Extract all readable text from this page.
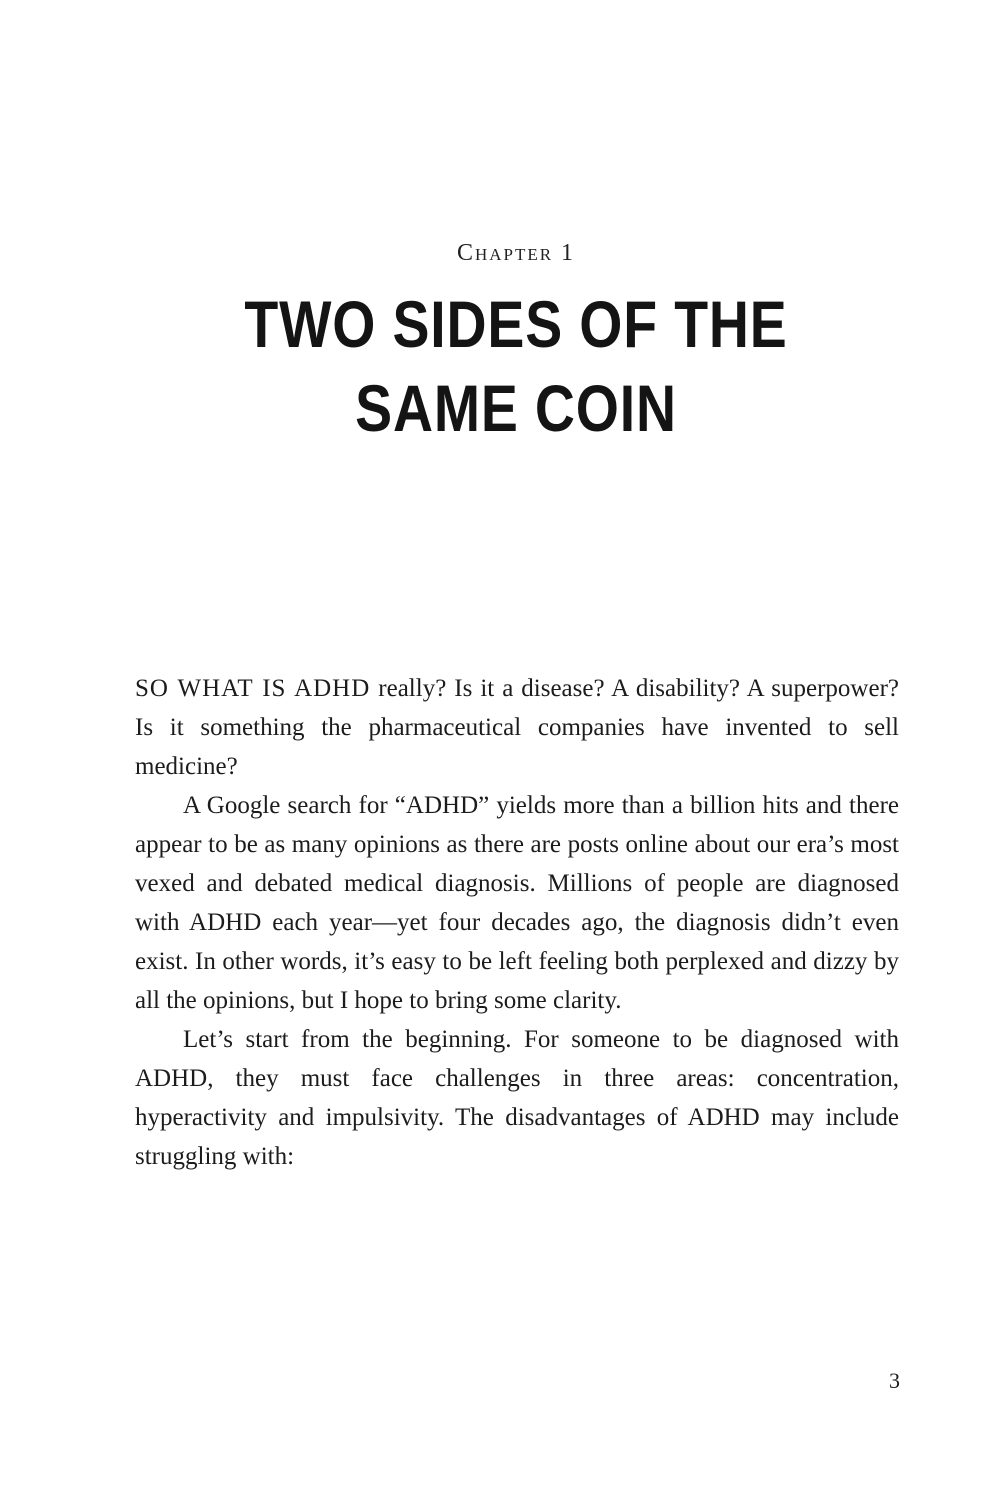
Chapter 1
TWO SIDES OF THE
SAME COIN

SO WHAT IS ADHD really? Is it a disease? A disability? A superpower? Is it something the pharmaceutical companies have invented to sell medicine?

A Google search for “ADHD” yields more than a billion hits and there appear to be as many opinions as there are posts online about our era’s most vexed and debated medical diagnosis. Millions of people are diagnosed with ADHD each year—yet four decades ago, the diagnosis didn’t even exist. In other words, it’s easy to be left feeling both perplexed and dizzy by all the opinions, but I hope to bring some clarity.

Let’s start from the beginning. For someone to be diagnosed with ADHD, they must face challenges in three areas: concentration, hyperactivity and impulsivity. The disadvantages of ADHD may include struggling with:

3
